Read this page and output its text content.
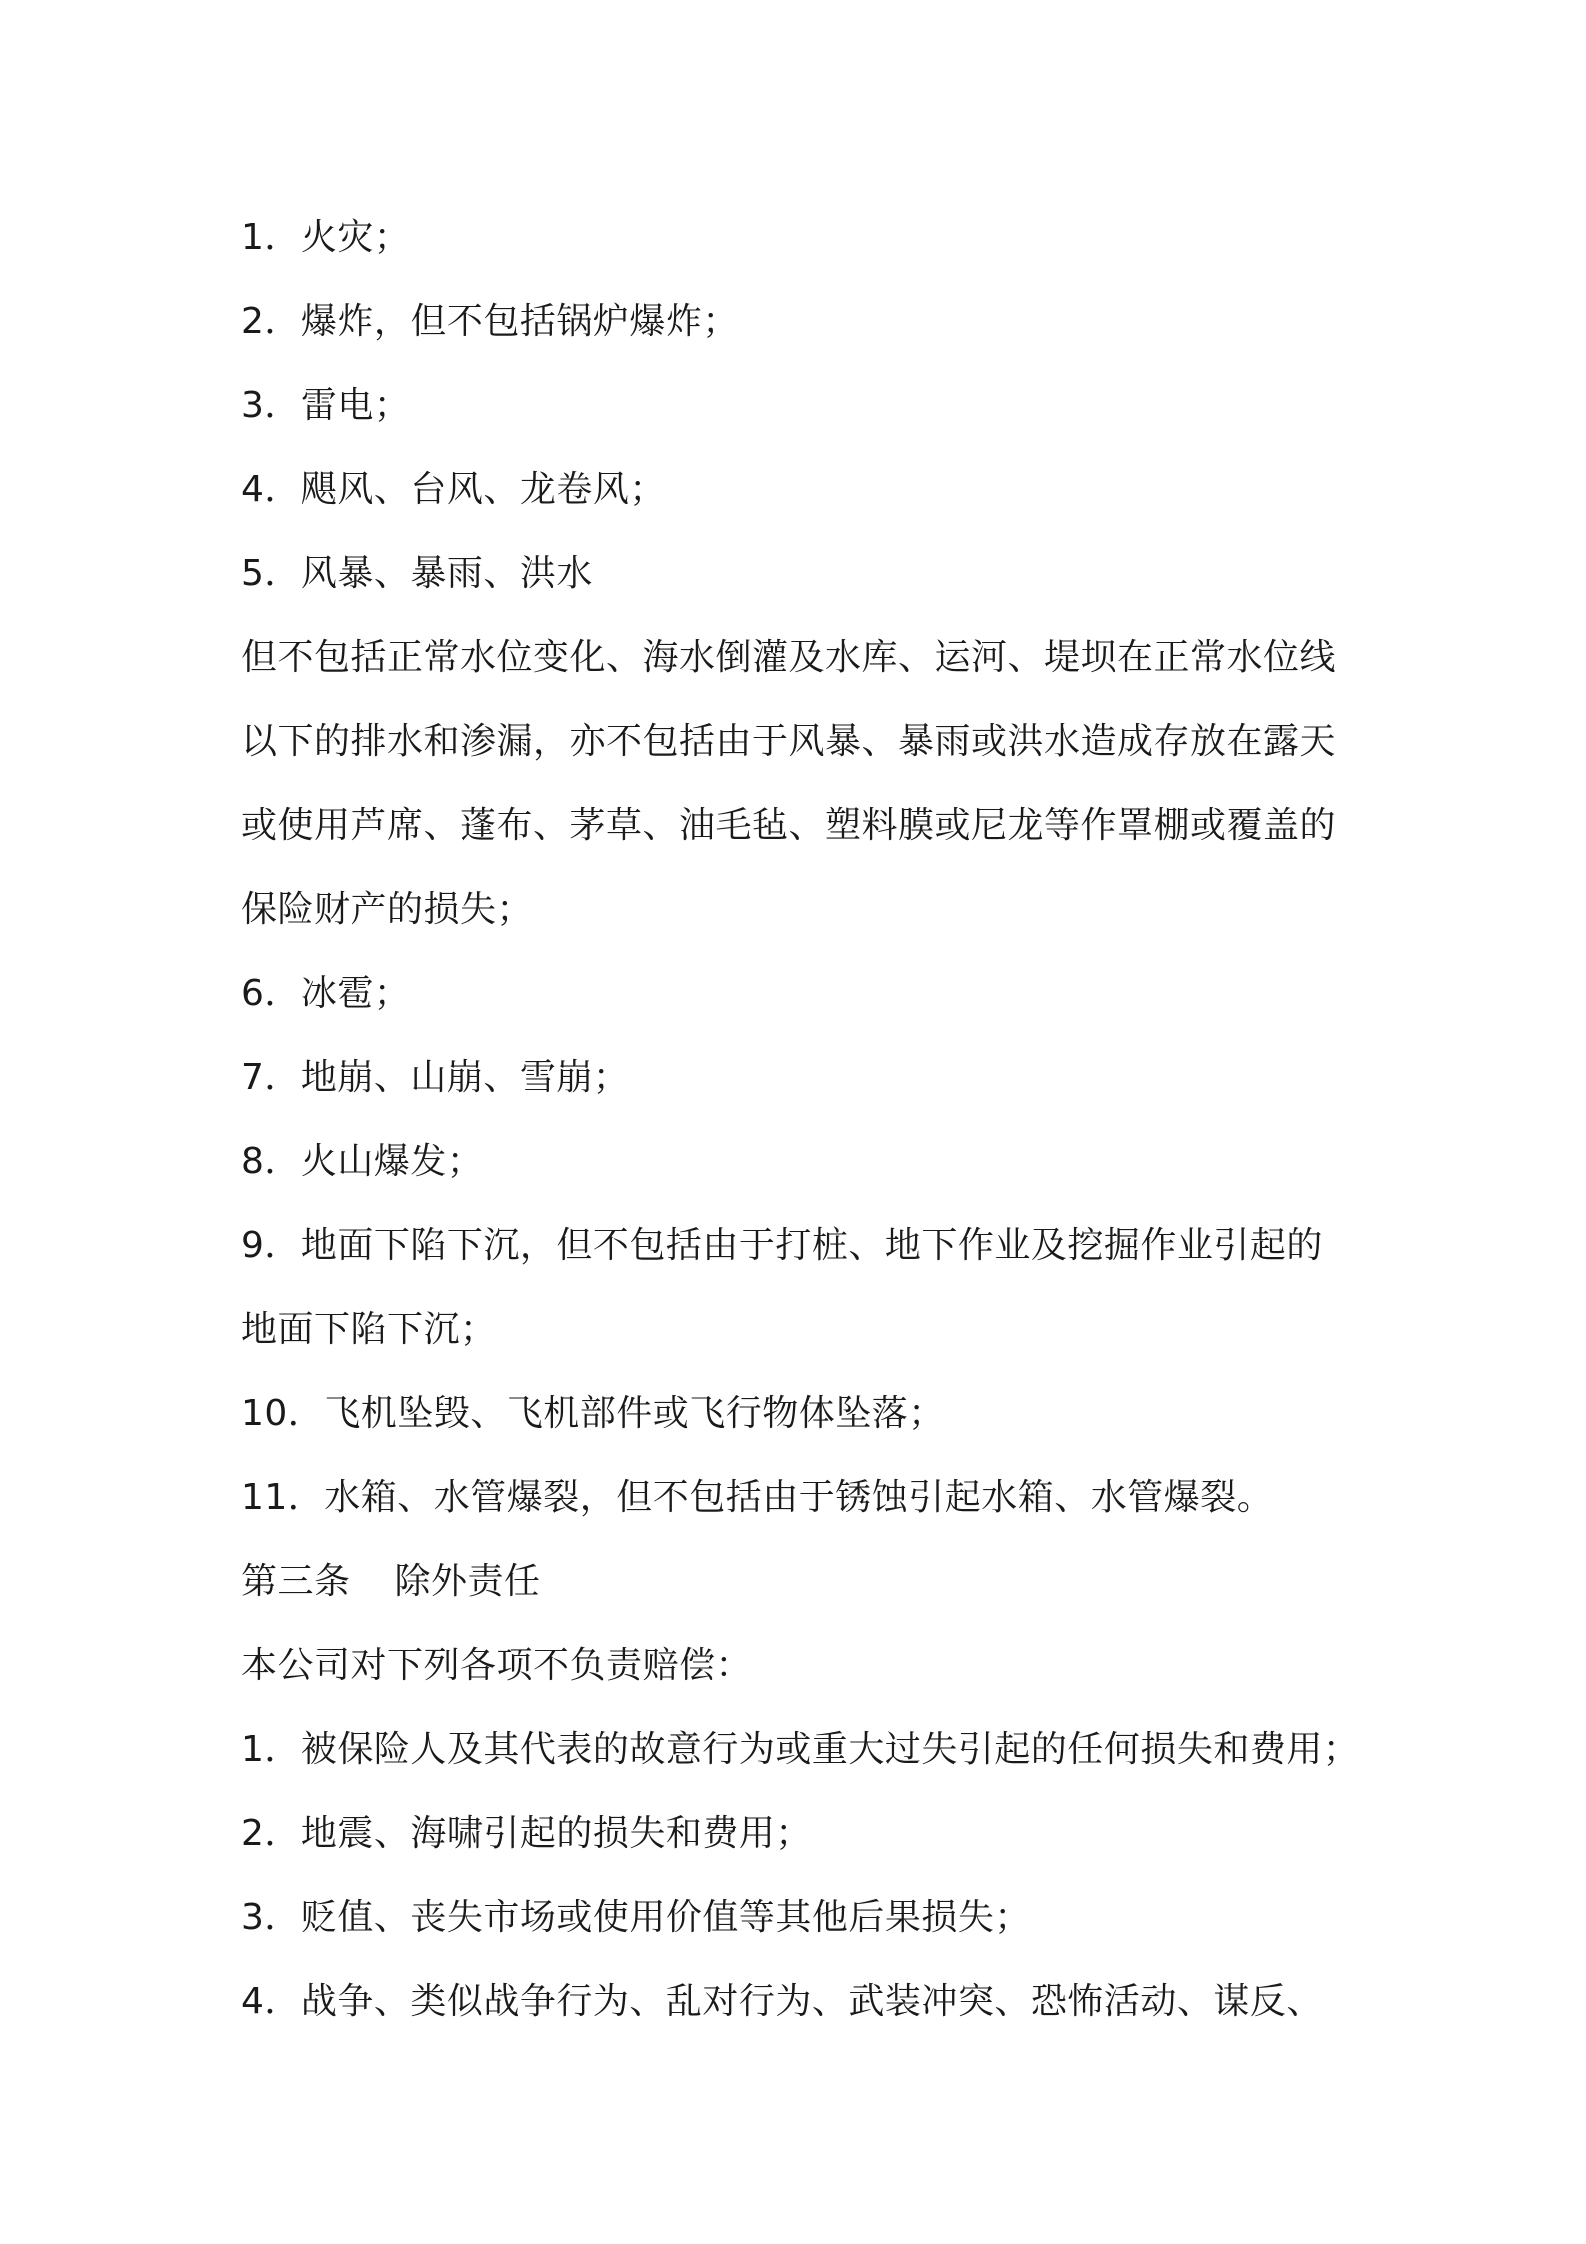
1．火灾；
2．爆炸，但不包括锅炉爆炸；
3．雷电；
4．飓风、台风、龙卷风；
5．风暴、暴雨、洪水
但不包括正常水位变化、海水倒灌及水库、运河、堤坝在正常水位线
以下的排水和渗漏，亦不包括由于风暴、暴雨或洪水造成存放在露天
或使用芦席、蓬布、茅草、油毛毡、塑料膜或尼龙等作罩棚或覆盖的
保险财产的损失；
6．冰雹；
7．地崩、山崩、雪崩；
8．火山爆发；
9．地面下陷下沉，但不包括由于打桩、地下作业及挖掘作业引起的
地面下陷下沉；
10．飞机坠毁、飞机部件或飞行物体坠落；
11．水箱、水管爆裂，但不包括由于锈蚀引起水箱、水管爆裂。
第三条 除外责任
本公司对下列各项不负责赔偿：
1．被保险人及其代表的故意行为或重大过失引起的任何损失和费用；
2．地震、海啸引起的损失和费用；
3．贬值、丧失市场或使用价值等其他后果损失；
4．战争、类似战争行为、乱对行为、武装冲突、恐怖活动、谋反、
